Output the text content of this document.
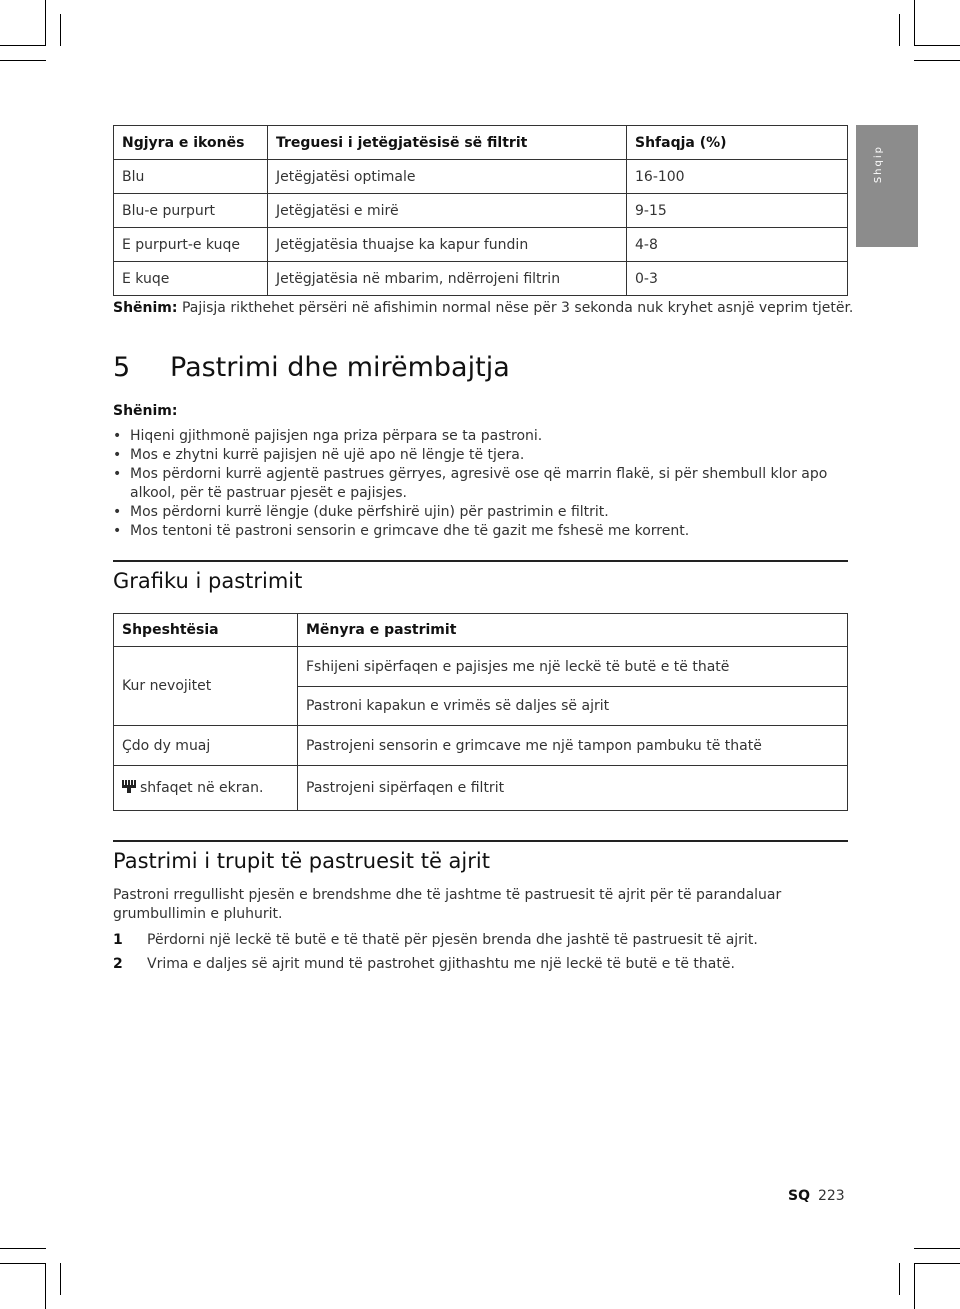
Shqip
Ngjyra e ikonës	Treguesi i jetëgjatësisë së filtrit	Shfaqja (%)
Blu	Jetëgjatësi optimale	16-100
Blu-e purpurt	Jetëgjatësi e mirë	9-15
E purpurt-e kuqe	Jetëgjatësia thuajse ka kapur fundin	4-8
E kuqe	Jetëgjatësia në mbarim, ndërrojeni filtrin	0-3
Shënim: Pajisja rikthehet përsëri në afishimin normal nëse për 3 sekonda nuk kryhet asnjë veprim tjetër.
5 Pastrimi dhe mirëmbajtja
Shënim:
• Hiqeni gjithmonë pajisjen nga priza përpara se ta pastroni.
• Mos e zhytni kurrë pajisjen në ujë apo në lëngje të tjera.
• Mos përdorni kurrë agjentë pastrues gërryes, agresivë ose që marrin flakë, si për shembull klor apo alkool, për të pastruar pjesët e pajisjes.
• Mos përdorni kurrë lëngje (duke përfshirë ujin) për pastrimin e filtrit.
• Mos tentoni të pastroni sensorin e grimcave dhe të gazit me fshesë me korrent.
Grafiku i pastrimit
Shpeshtësia	Mënyra e pastrimit
Kur nevojitet	Fshijeni sipërfaqen e pajisjes me një leckë të butë e të thatë
	Pastroni kapakun e vrimës së daljes së ajrit
Çdo dy muaj	Pastrojeni sensorin e grimcave me një tampon pambuku të thatë
shfaqet në ekran.	Pastrojeni sipërfaqen e filtrit
Pastrimi i trupit të pastruesit të ajrit
Pastroni rregullisht pjesën e brendshme dhe të jashtme të pastruesit të ajrit për të parandaluar grumbullimin e pluhurit.
1 Përdorni një leckë të butë e të thatë për pjesën brenda dhe jashtë të pastruesit të ajrit.
2 Vrima e daljes së ajrit mund të pastrohet gjithashtu me një leckë të butë e të thatë.
SQ 223
